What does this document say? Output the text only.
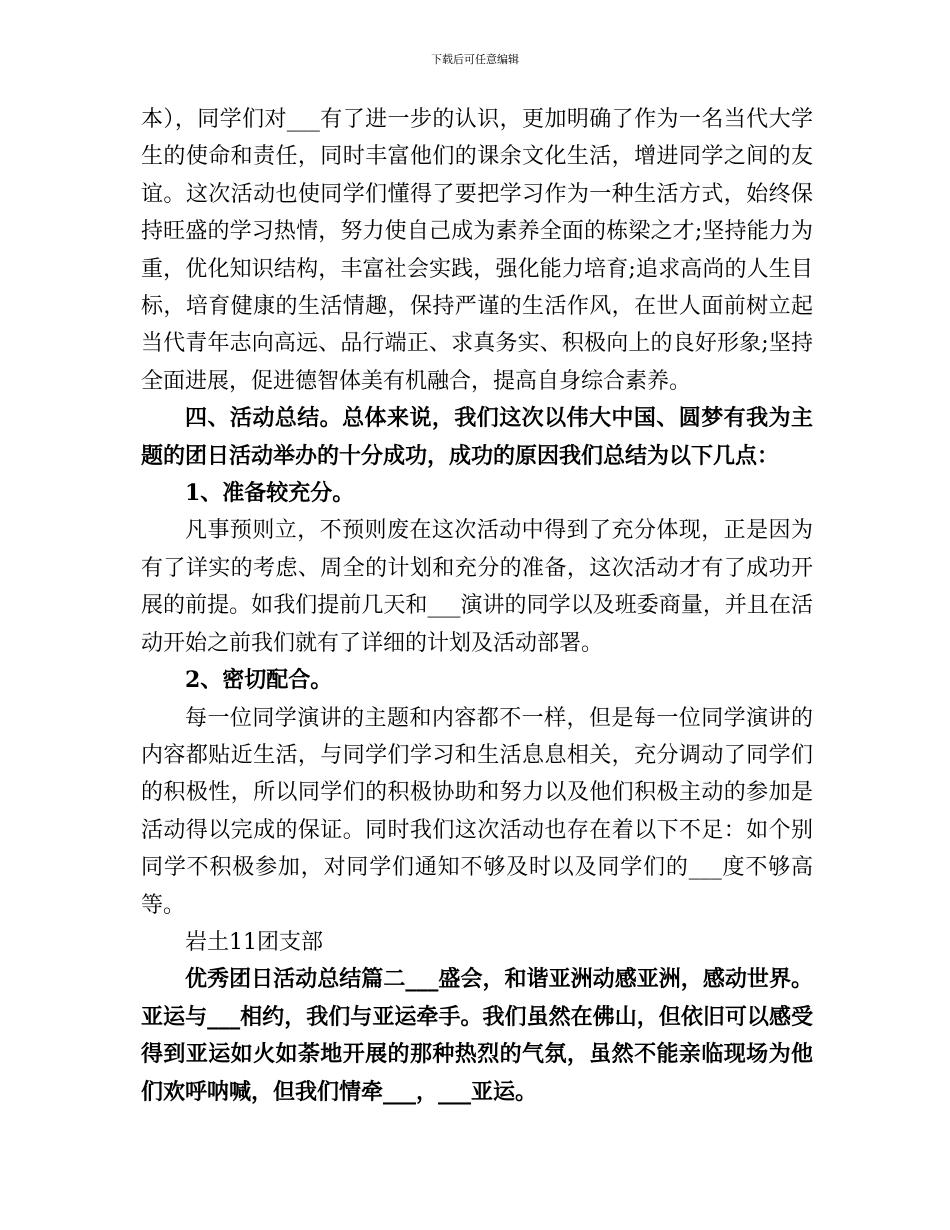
下载后可任意编辑

本），同学们对___有了进一步的认识，更加明确了作为一名当代大学生的使命和责任，同时丰富他们的课余文化生活，增进同学之间的友谊。这次活动也使同学们懂得了要把学习作为一种生活方式，始终保持旺盛的学习热情，努力使自己成为素养全面的栋梁之才;坚持能力为重，优化知识结构，丰富社会实践，强化能力培育;追求高尚的人生目标，培育健康的生活情趣，保持严谨的生活作风，在世人面前树立起当代青年志向高远、品行端正、求真务实、积极向上的良好形象;坚持全面进展，促进德智体美有机融合，提高自身综合素养。

四、活动总结。总体来说，我们这次以伟大中国、圆梦有我为主题的团日活动举办的十分成功，成功的原因我们总结为以下几点：

1、准备较充分。

凡事预则立，不预则废在这次活动中得到了充分体现，正是因为有了详实的考虑、周全的计划和充分的准备，这次活动才有了成功开展的前提。如我们提前几天和___演讲的同学以及班委商量，并且在活动开始之前我们就有了详细的计划及活动部署。

2、密切配合。

每一位同学演讲的主题和内容都不一样，但是每一位同学演讲的内容都贴近生活，与同学们学习和生活息息相关，充分调动了同学们的积极性，所以同学们的积极协助和努力以及他们积极主动的参加是活动得以完成的保证。同时我们这次活动也存在着以下不足：如个别同学不积极参加，对同学们通知不够及时以及同学们的___度不够高等。

岩土11团支部

优秀团日活动总结篇二___盛会，和谐亚洲动感亚洲，感动世界。亚运与___相约，我们与亚运牵手。我们虽然在佛山，但依旧可以感受得到亚运如火如荼地开展的那种热烈的气氛，虽然不能亲临现场为他们欢呼呐喊，但我们情牵___，___亚运。
